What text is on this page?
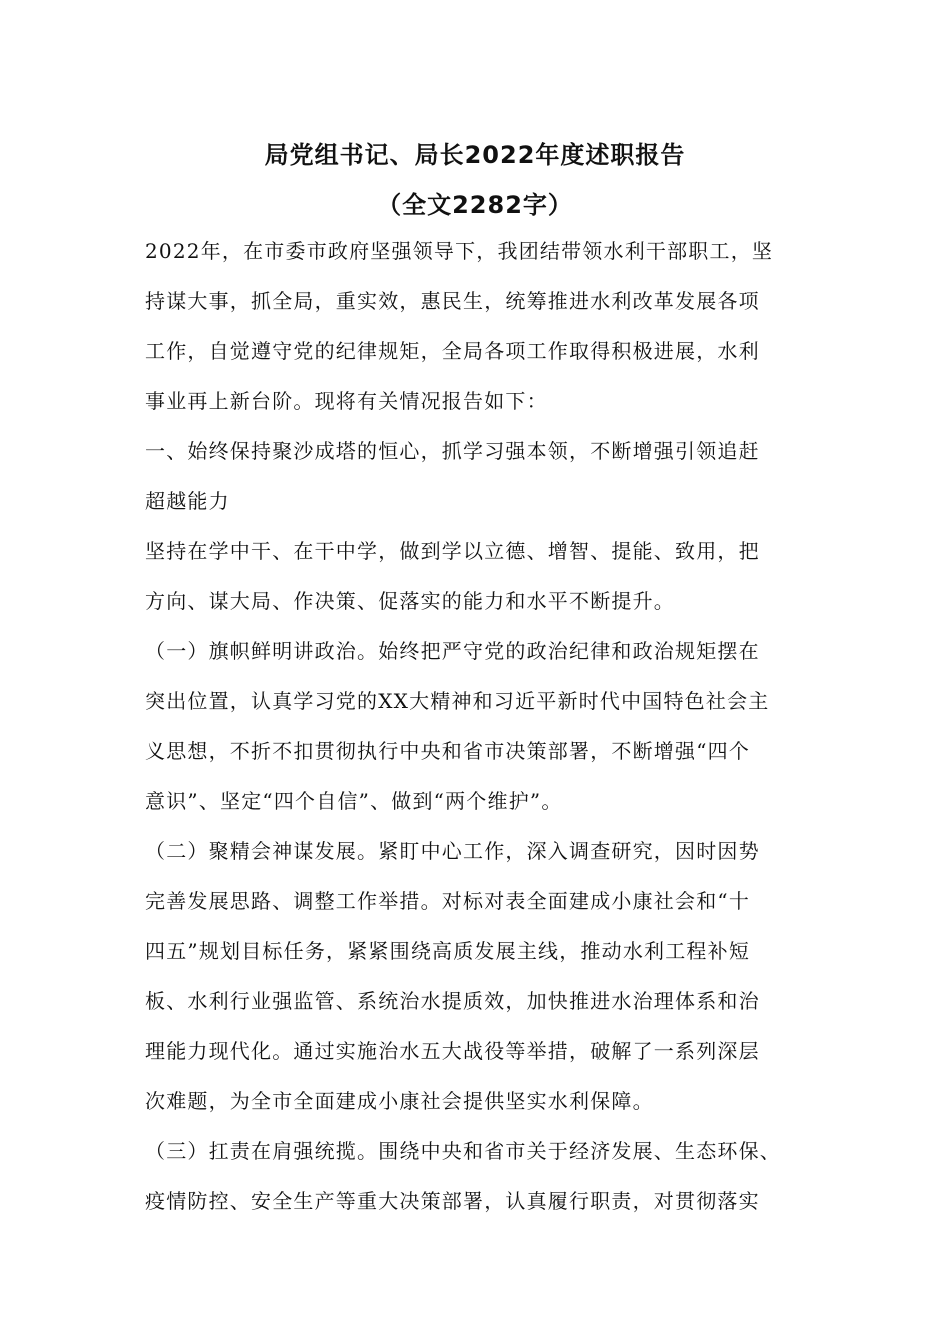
局党组书记、局长2022年度述职报告
（全文2282字）
2022年，在市委市政府坚强领导下，我团结带领水利干部职工，坚
持谋大事，抓全局，重实效，惠民生，统筹推进水利改革发展各项
工作，自觉遵守党的纪律规矩，全局各项工作取得积极进展，水利
事业再上新台阶。现将有关情况报告如下：
一、始终保持聚沙成塔的恒心，抓学习强本领，不断增强引领追赶
超越能力
坚持在学中干、在干中学，做到学以立德、增智、提能、致用，把
方向、谋大局、作决策、促落实的能力和水平不断提升。
（一）旗帜鲜明讲政治。始终把严守党的政治纪律和政治规矩摆在
突出位置，认真学习党的XX大精神和习近平新时代中国特色社会主
义思想，不折不扣贯彻执行中央和省市决策部署，不断增强“四个
意识”、坚定“四个自信”、做到“两个维护”。
（二）聚精会神谋发展。紧盯中心工作，深入调查研究，因时因势
完善发展思路、调整工作举措。对标对表全面建成小康社会和“十
四五”规划目标任务，紧紧围绕高质发展主线，推动水利工程补短
板、水利行业强监管、系统治水提质效，加快推进水治理体系和治
理能力现代化。通过实施治水五大战役等举措，破解了一系列深层
次难题，为全市全面建成小康社会提供坚实水利保障。
（三）扛责在肩强统揽。围绕中央和省市关于经济发展、生态环保、
疫情防控、安全生产等重大决策部署，认真履行职责，对贯彻落实
